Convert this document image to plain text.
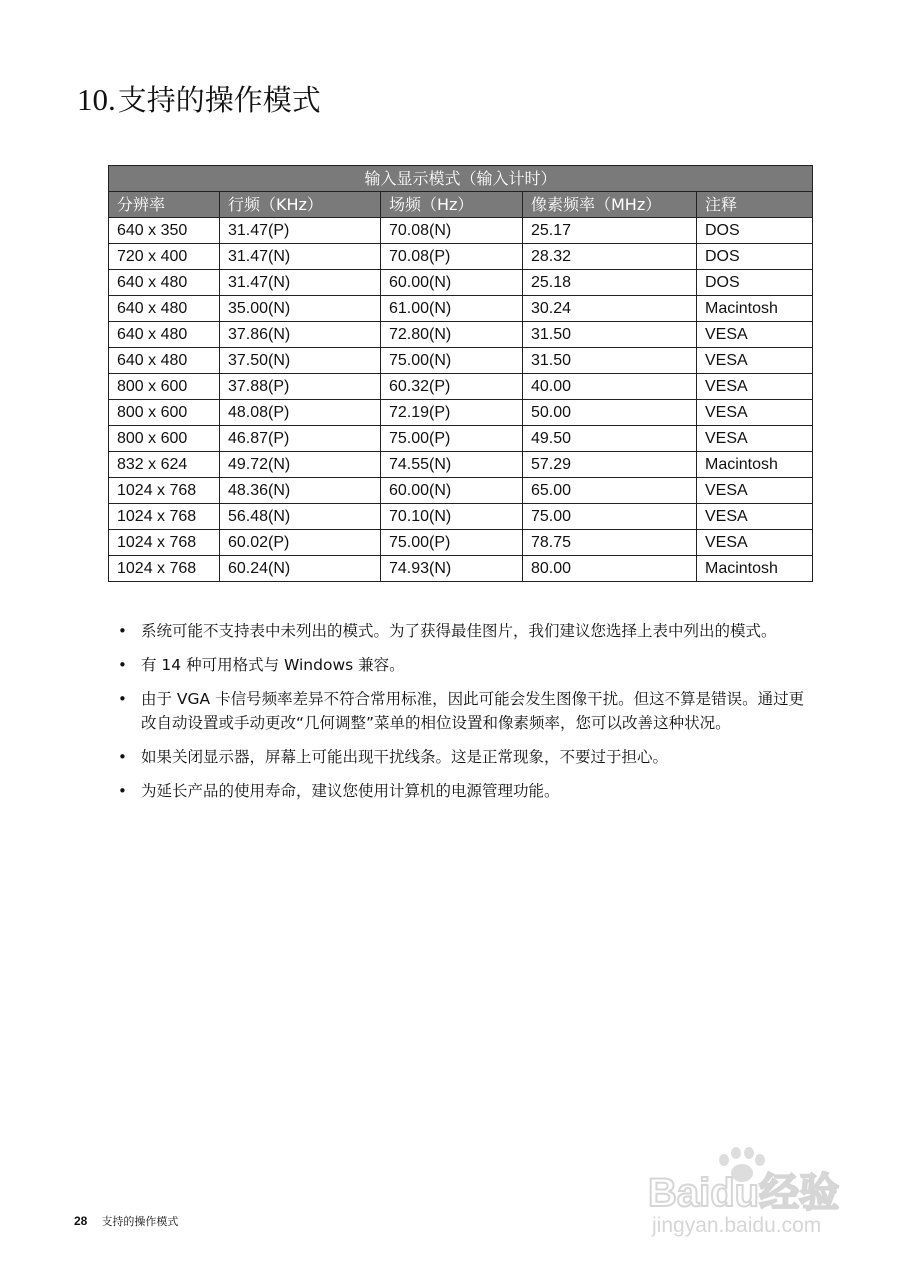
10.支持的操作模式
输入显示模式（输入计时）				
分辨率	行频（KHz）	场频（Hz）	像素频率（MHz）	注释
640 x 350	31.47(P)	70.08(N)	25.17	DOS
720 x 400	31.47(N)	70.08(P)	28.32	DOS
640 x 480	31.47(N)	60.00(N)	25.18	DOS
640 x 480	35.00(N)	61.00(N)	30.24	Macintosh
640 x 480	37.86(N)	72.80(N)	31.50	VESA
640 x 480	37.50(N)	75.00(N)	31.50	VESA
800 x 600	37.88(P)	60.32(P)	40.00	VESA
800 x 600	48.08(P)	72.19(P)	50.00	VESA
800 x 600	46.87(P)	75.00(P)	49.50	VESA
832 x 624	49.72(N)	74.55(N)	57.29	Macintosh
1024 x 768	48.36(N)	60.00(N)	65.00	VESA
1024 x 768	56.48(N)	70.10(N)	75.00	VESA
1024 x 768	60.02(P)	75.00(P)	78.75	VESA
1024 x 768	60.24(N)	74.93(N)	80.00	Macintosh
• 系统可能不支持表中未列出的模式。为了获得最佳图片，我们建议您选择上表中列出的模式。
• 有 14 种可用格式与 Windows 兼容。
• 由于 VGA 卡信号频率差异不符合常用标准，因此可能会发生图像干扰。但这不算是错误。通过更改自动设置或手动更改“几何调整”菜单的相位设置和像素频率，您可以改善这种状况。
• 如果关闭显示器，屏幕上可能出现干扰线条。这是正常现象，不要过于担心。
• 为延长产品的使用寿命，建议您使用计算机的电源管理功能。
28 支持的操作模式
Baidu经验
jingyan.baidu.com
